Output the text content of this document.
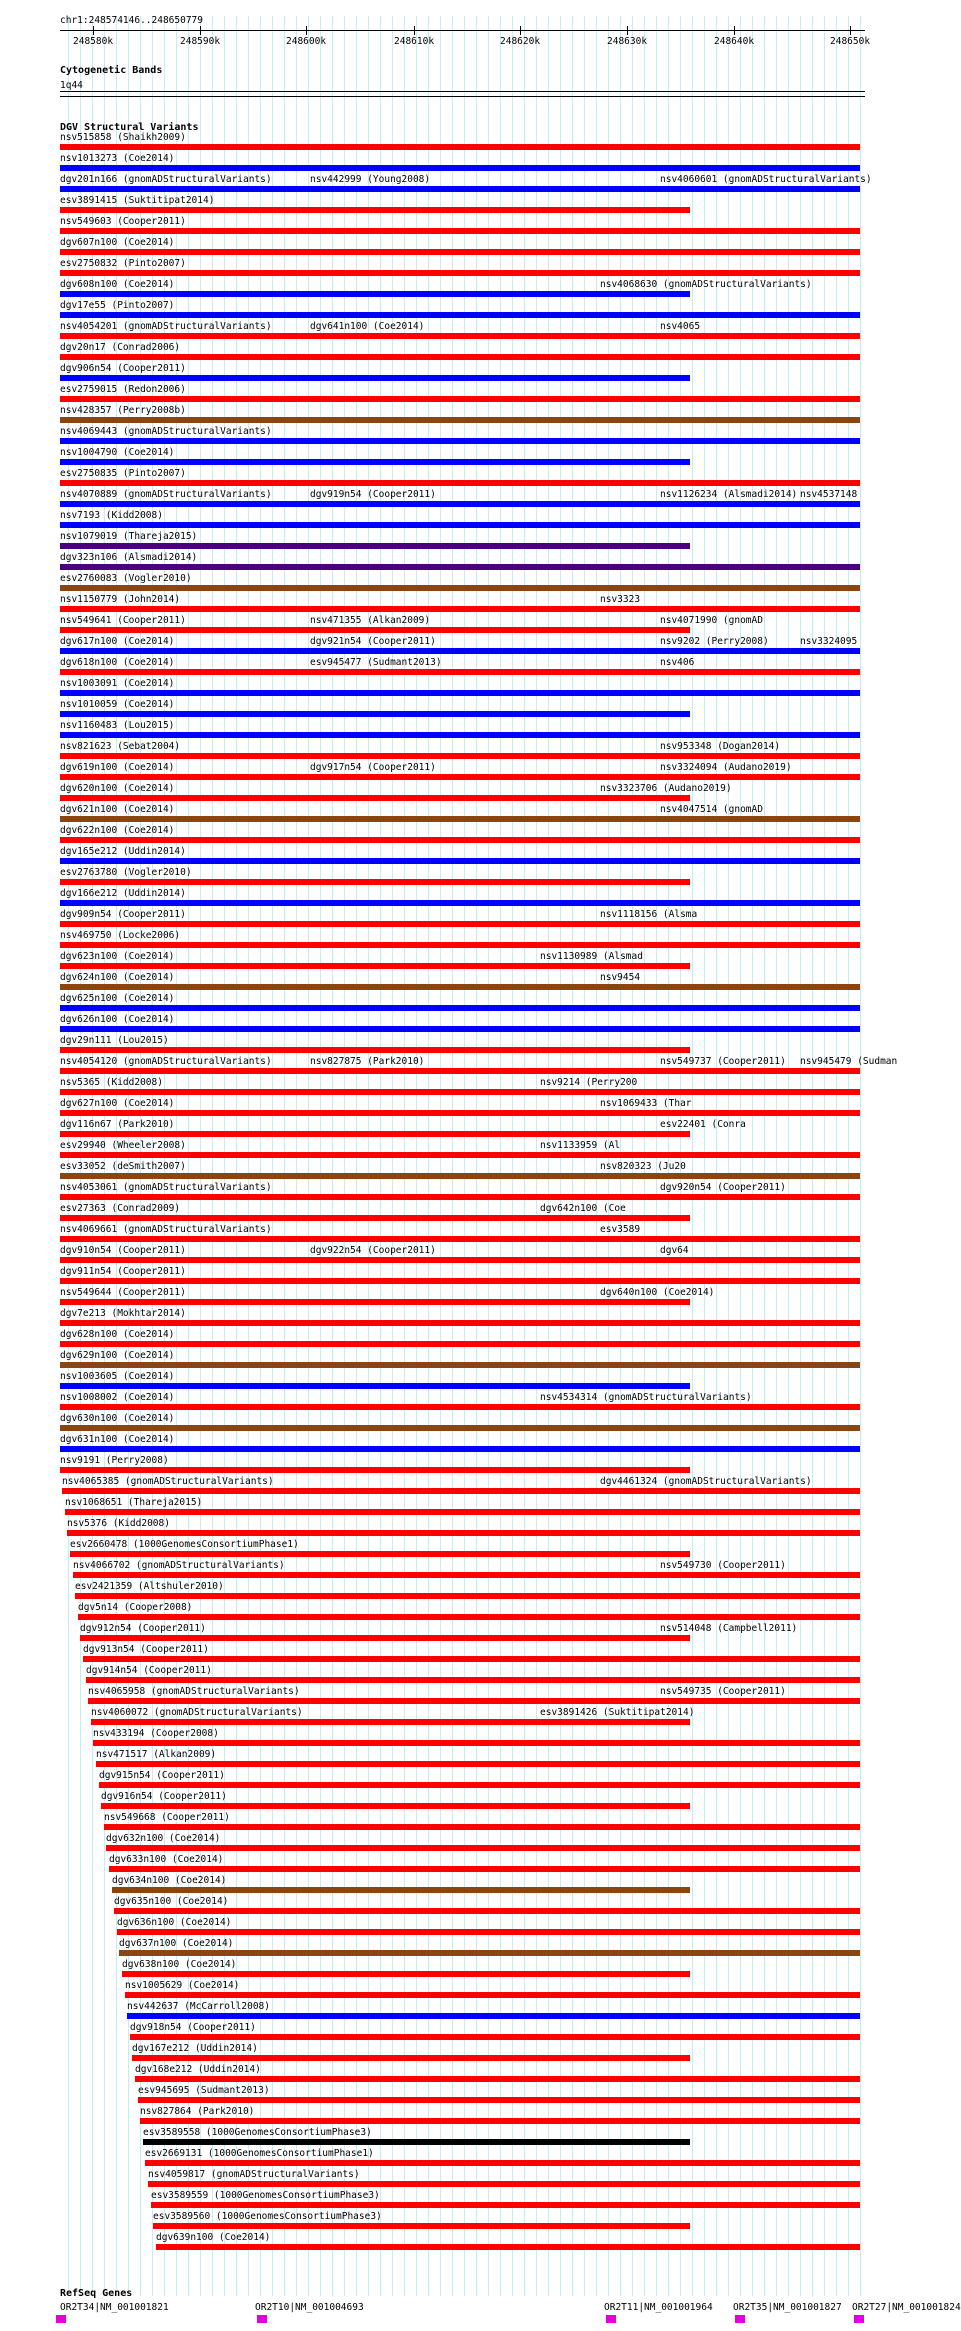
chr1:248574146..248650779
248580k	248590k	248600k	248610k	248620k	248630k	248640k	248650k
Cytogenetic Bands
1q44
DGV Structural Variants
nsv515858 (Shaikh2009)
nsv1013273 (Coe2014)
dgv201n166 (gnomADStructuralVariants)	nsv442999 (Young2008)	nsv4060601 (gnomADStructuralVariants)
esv3891415 (Suktitipat2014)
nsv549603 (Cooper2011)
dgv607n100 (Coe2014)
esv2750832 (Pinto2007)
dgv608n100 (Coe2014)	nsv4068630 (gnomADStructuralVariants)
dgv17e55 (Pinto2007)
nsv4054201 (gnomADStructuralVariants)	dgv641n100 (Coe2014)	nsv4065
dgv20n17 (Conrad2006)
dgv906n54 (Cooper2011)
esv2759015 (Redon2006)
nsv428357 (Perry2008b)
nsv4069443 (gnomADStructuralVariants)
nsv1004790 (Coe2014)
esv2750835 (Pinto2007)
nsv4070889 (gnomADStructuralVariants)	dgv919n54 (Cooper2011)	nsv1126234 (Alsmadi2014) nsv4537148
nsv7193 (Kidd2008)
nsv1079019 (Thareja2015)
dgv323n106 (Alsmadi2014)
esv2760083 (Vogler2010)
nsv1150779 (John2014)	nsv3323
nsv549641 (Cooper2011)	nsv471355 (Alkan2009)	nsv4071990 (gnomAD
dgv617n100 (Coe2014)	dgv921n54 (Cooper2011)	nsv9202 (Perry2008)	nsv3324095
dgv618n100 (Coe2014)	esv945477 (Sudmant2013)	nsv406
nsv1003091 (Coe2014)
nsv1010059 (Coe2014)
nsv1160483 (Lou2015)
nsv821623 (Sebat2004)	nsv953348 (Dogan2014)
dgv619n100 (Coe2014)	dgv917n54 (Cooper2011)	nsv3324094 (Audano2019)
dgv620n100 (Coe2014)	nsv3323706 (Audano2019)
dgv621n100 (Coe2014)	nsv4047514 (gnomAD
dgv622n100 (Coe2014)
dgv165e212 (Uddin2014)
esv2763780 (Vogler2010)
dgv166e212 (Uddin2014)
dgv909n54 (Cooper2011)	nsv1118156 (Alsma
nsv469750 (Locke2006)
dgv623n100 (Coe2014)	nsv1130989 (Alsmad
dgv624n100 (Coe2014)	nsv9454
dgv625n100 (Coe2014)
dgv626n100 (Coe2014)
dgv29n111 (Lou2015)
nsv4054120 (gnomADStructuralVariants)	nsv827875 (Park2010)	nsv549737 (Cooper2011) nsv945479 (Sudman
nsv5365 (Kidd2008)	nsv9214 (Perry200
dgv627n100 (Coe2014)	nsv1069433 (Thar
dgv116n67 (Park2010)	esv22401 (Conra
esv29940 (Wheeler2008)	nsv1133959 (Al
esv33052 (deSmith2007)	nsv820323 (Ju20
nsv4053061 (gnomADStructuralVariants)	dgv920n54 (Cooper2011)
esv27363 (Conrad2009)	dgv642n100 (Coe
nsv4069661 (gnomADStructuralVariants)	esv3589
dgv910n54 (Cooper2011)	dgv922n54 (Cooper2011)	dgv64
dgv911n54 (Cooper2011)
nsv549644 (Cooper2011)	dgv640n100 (Coe2014)
dgv7e213 (Mokhtar2014)
dgv628n100 (Coe2014)
dgv629n100 (Coe2014)
nsv1003605 (Coe2014)
nsv1008002 (Coe2014)	nsv4534314 (gnomADStructuralVariants)
dgv630n100 (Coe2014)
dgv631n100 (Coe2014)
nsv9191 (Perry2008)
nsv4065385 (gnomADStructuralVariants)	dgv4461324 (gnomADStructuralVariants)
nsv1068651 (Thareja2015)
nsv5376 (Kidd2008)
esv2660478 (1000GenomesConsortiumPhase1)
nsv4066702 (gnomADStructuralVariants)	nsv549730 (Cooper2011)
esv2421359 (Altshuler2010)
dgv5n14 (Cooper2008)
dgv912n54 (Cooper2011)	nsv514048 (Campbell2011)
dgv913n54 (Cooper2011)
dgv914n54 (Cooper2011)
nsv4065958 (gnomADStructuralVariants)	nsv549735 (Cooper2011)
nsv4060072 (gnomADStructuralVariants)	esv3891426 (Suktitipat2014)
nsv433194 (Cooper2008)
nsv471517 (Alkan2009)
dgv915n54 (Cooper2011)
dgv916n54 (Cooper2011)
nsv549668 (Cooper2011)
dgv632n100 (Coe2014)
dgv633n100 (Coe2014)
dgv634n100 (Coe2014)
dgv635n100 (Coe2014)
dgv636n100 (Coe2014)
dgv637n100 (Coe2014)
dgv638n100 (Coe2014)
nsv1005629 (Coe2014)
nsv442637 (McCarroll2008)
dgv918n54 (Cooper2011)
dgv167e212 (Uddin2014)
dgv168e212 (Uddin2014)
esv945695 (Sudmant2013)
nsv827864 (Park2010)
esv3589558 (1000GenomesConsortiumPhase3)
esv2669131 (1000GenomesConsortiumPhase1)
nsv4059817 (gnomADStructuralVariants)
esv3589559 (1000GenomesConsortiumPhase3)
esv3589560 (1000GenomesConsortiumPhase3)
dgv639n100 (Coe2014)
RefSeq Genes
OR2T34|NM_001001821	OR2T10|NM_001004693	OR2T11|NM_001001964 OR2T35|NM_001001827 OR2T27|NM_001001824
